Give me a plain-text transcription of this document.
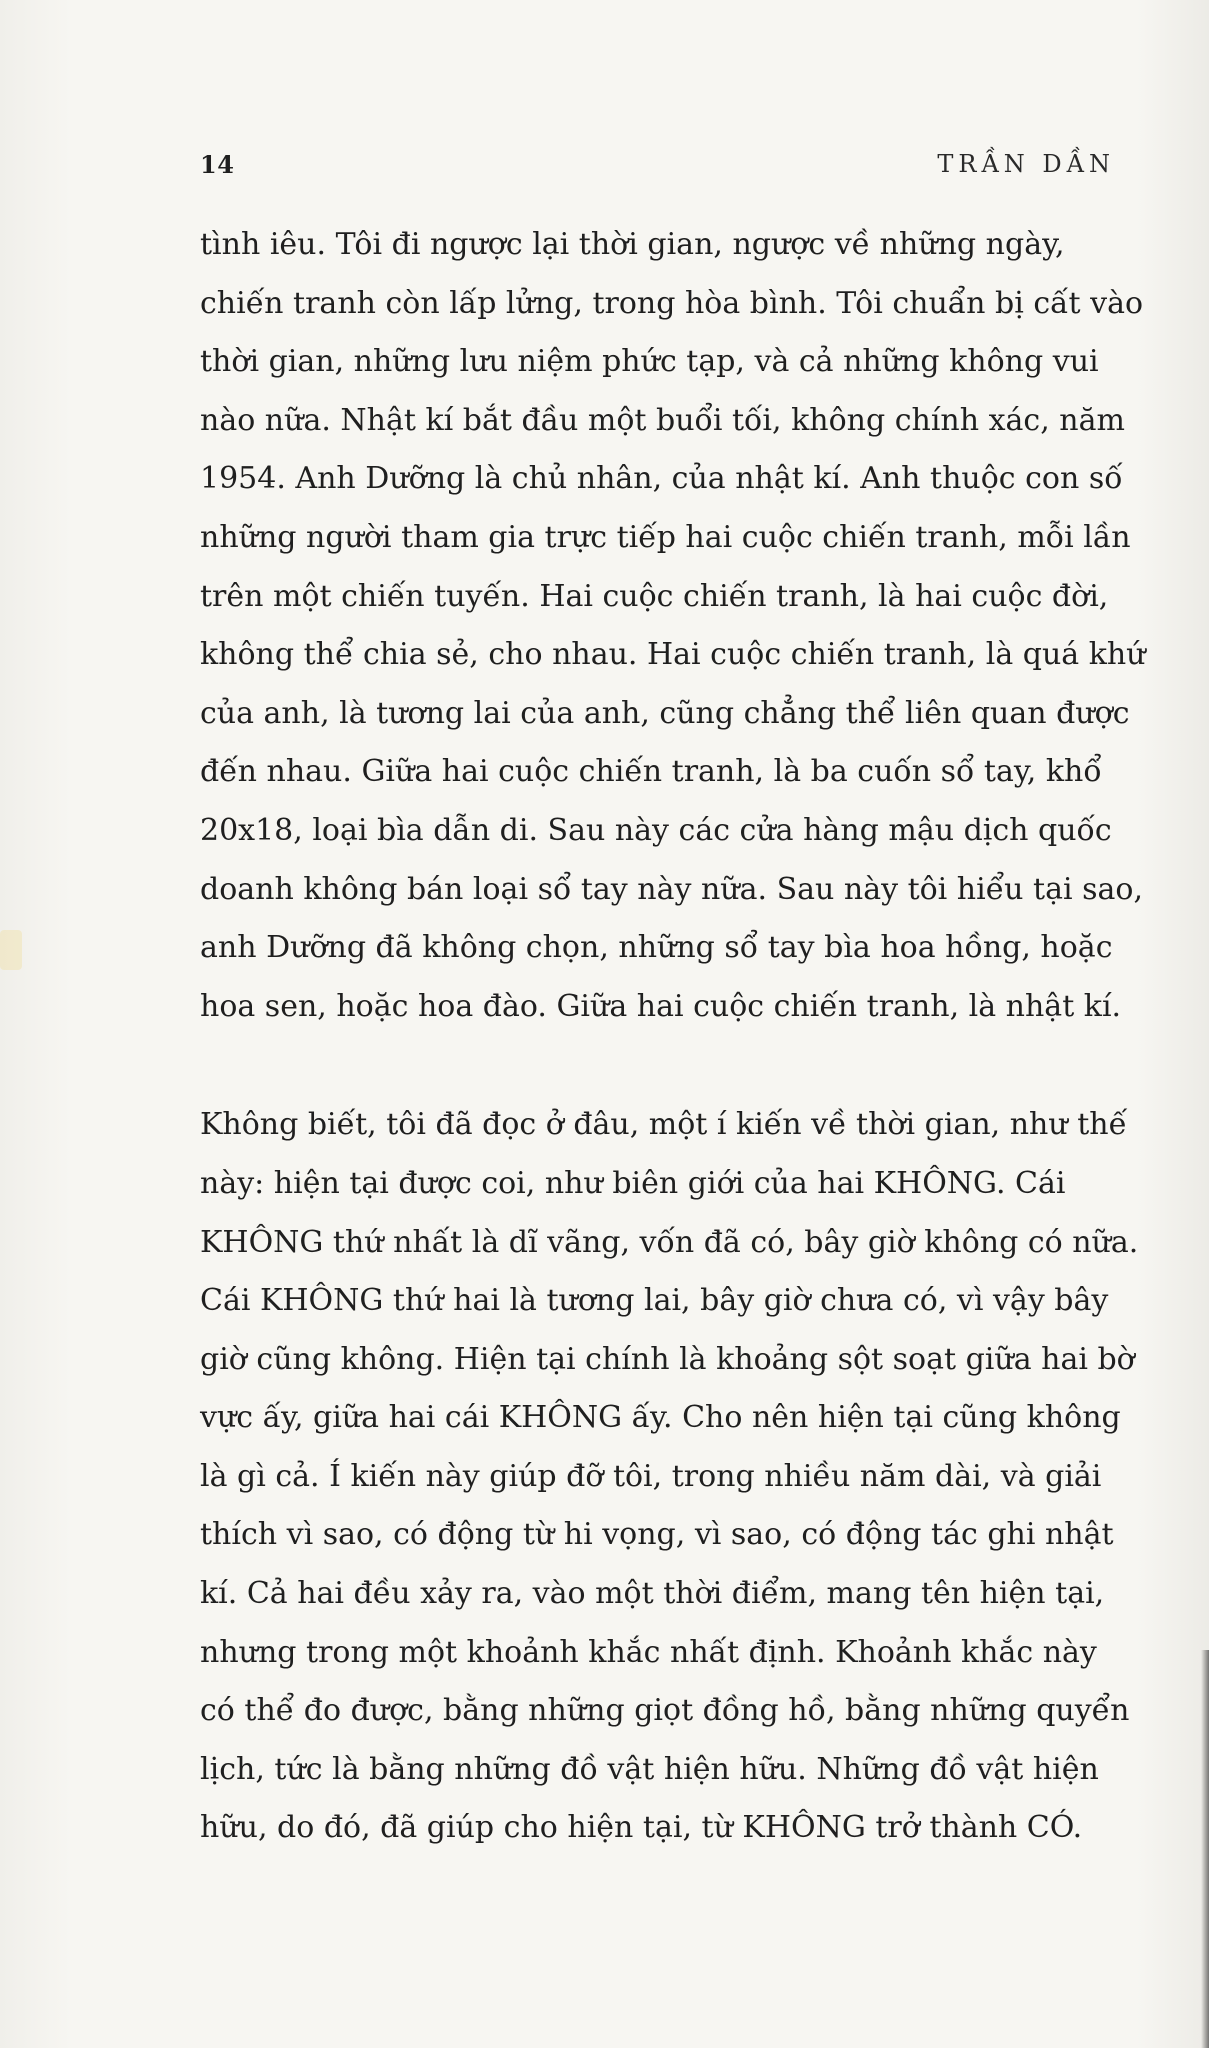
14	TRẦN DẦN

tình iêu. Tôi đi ngược lại thời gian, ngược về những ngày,
chiến tranh còn lấp lửng, trong hòa bình. Tôi chuẩn bị cất vào
thời gian, những lưu niệm phức tạp, và cả những không vui
nào nữa. Nhật kí bắt đầu một buổi tối, không chính xác, năm
1954. Anh Dưỡng là chủ nhân, của nhật kí. Anh thuộc con số
những người tham gia trực tiếp hai cuộc chiến tranh, mỗi lần
trên một chiến tuyến. Hai cuộc chiến tranh, là hai cuộc đời,
không thể chia sẻ, cho nhau. Hai cuộc chiến tranh, là quá khứ
của anh, là tương lai của anh, cũng chẳng thể liên quan được
đến nhau. Giữa hai cuộc chiến tranh, là ba cuốn sổ tay, khổ
20x18, loại bìa dẫn di. Sau này các cửa hàng mậu dịch quốc
doanh không bán loại sổ tay này nữa. Sau này tôi hiểu tại sao,
anh Dưỡng đã không chọn, những sổ tay bìa hoa hồng, hoặc
hoa sen, hoặc hoa đào. Giữa hai cuộc chiến tranh, là nhật kí.

Không biết, tôi đã đọc ở đâu, một í kiến về thời gian, như thế
này: hiện tại được coi, như biên giới của hai KHÔNG. Cái
KHÔNG thứ nhất là dĩ vãng, vốn đã có, bây giờ không có nữa.
Cái KHÔNG thứ hai là tương lai, bây giờ chưa có, vì vậy bây
giờ cũng không. Hiện tại chính là khoảng sột soạt giữa hai bờ
vực ấy, giữa hai cái KHÔNG ấy. Cho nên hiện tại cũng không
là gì cả. Í kiến này giúp đỡ tôi, trong nhiều năm dài, và giải
thích vì sao, có động từ hi vọng, vì sao, có động tác ghi nhật
kí. Cả hai đều xảy ra, vào một thời điểm, mang tên hiện tại,
nhưng trong một khoảnh khắc nhất định. Khoảnh khắc này
có thể đo được, bằng những giọt đồng hồ, bằng những quyển
lịch, tức là bằng những đồ vật hiện hữu. Những đồ vật hiện
hữu, do đó, đã giúp cho hiện tại, từ KHÔNG trở thành CÓ.
